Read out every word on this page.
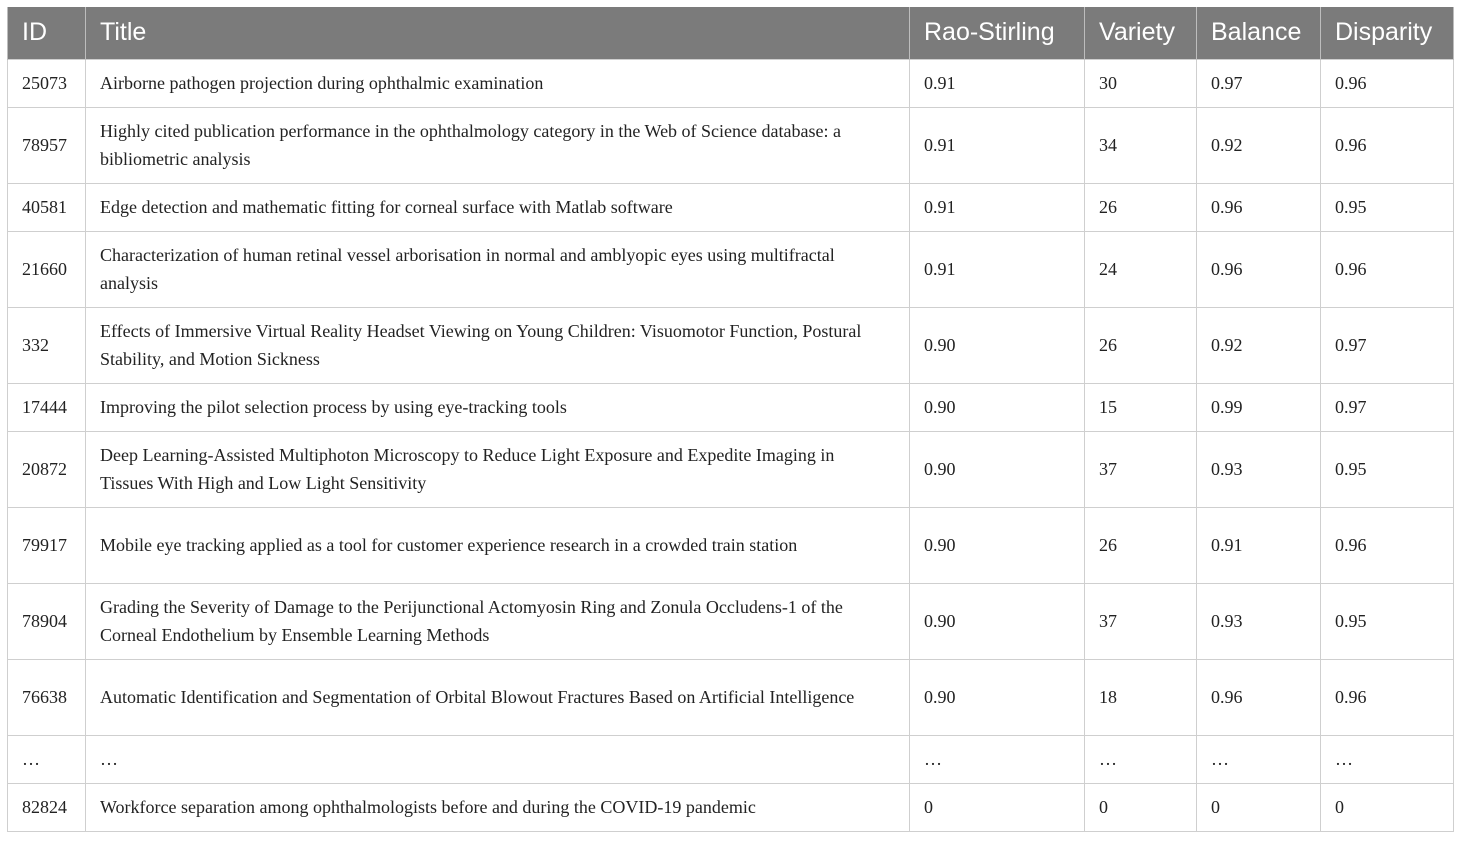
ID	Title	Rao-Stirling	Variety	Balance	Disparity
25073	Airborne pathogen projection during ophthalmic examination	0.91	30	0.97	0.96
78957	Highly cited publication performance in the ophthalmology category in the Web of Science database: a bibliometric analysis	0.91	34	0.92	0.96
40581	Edge detection and mathematic fitting for corneal surface with Matlab software	0.91	26	0.96	0.95
21660	Characterization of human retinal vessel arborisation in normal and amblyopic eyes using multifractal analysis	0.91	24	0.96	0.96
332	Effects of Immersive Virtual Reality Headset Viewing on Young Children: Visuomotor Function, Postural Stability, and Motion Sickness	0.90	26	0.92	0.97
17444	Improving the pilot selection process by using eye-tracking tools	0.90	15	0.99	0.97
20872	Deep Learning-Assisted Multiphoton Microscopy to Reduce Light Exposure and Expedite Imaging in Tissues With High and Low Light Sensitivity	0.90	37	0.93	0.95
79917	Mobile eye tracking applied as a tool for customer experience research in a crowded train station	0.90	26	0.91	0.96
78904	Grading the Severity of Damage to the Perijunctional Actomyosin Ring and Zonula Occludens-1 of the Corneal Endothelium by Ensemble Learning Methods	0.90	37	0.93	0.95
76638	Automatic Identification and Segmentation of Orbital Blowout Fractures Based on Artificial Intelligence	0.90	18	0.96	0.96
…	…	…	…	…	…
82824	Workforce separation among ophthalmologists before and during the COVID-19 pandemic	0	0	0	0
